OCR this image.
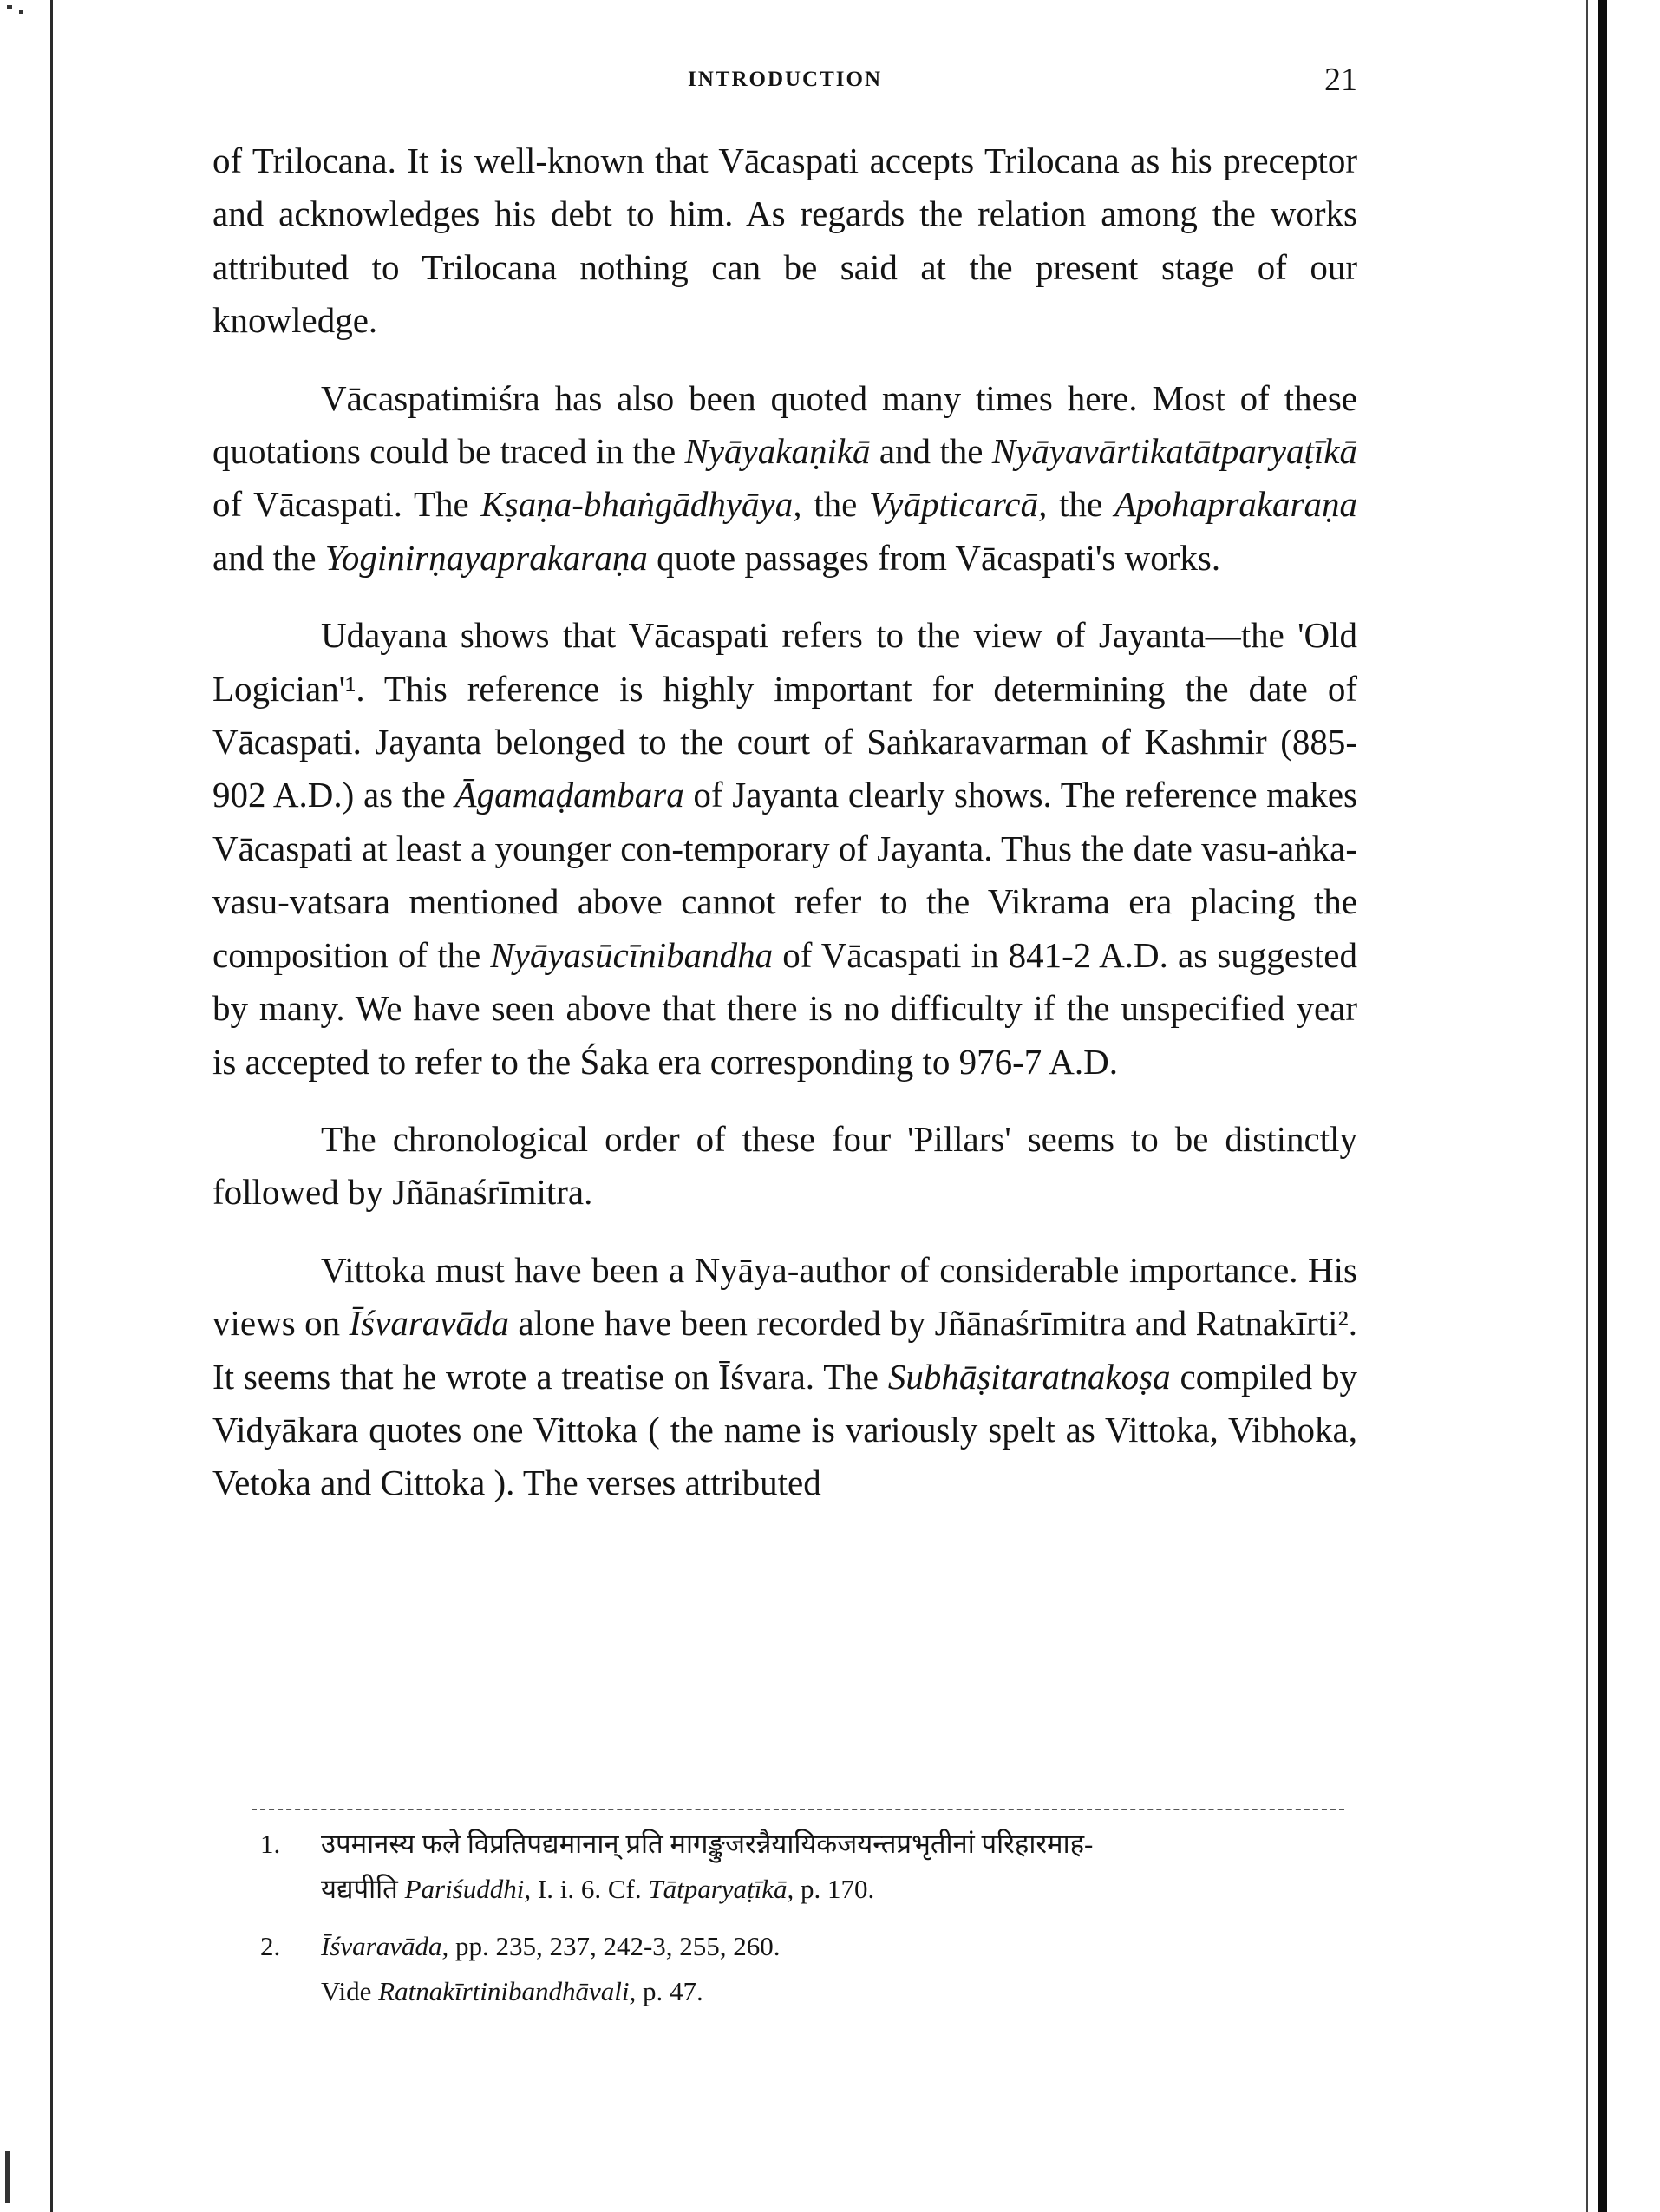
INTRODUCTION	21

of Trilocana. It is well-known that Vācaspati accepts Trilocana as his preceptor and acknowledges his debt to him. As regards the relation among the works attributed to Trilocana nothing can be said at the present stage of our knowledge.

Vācaspatimiśra has also been quoted many times here. Most of these quotations could be traced in the Nyāyakaṇikā and the Nyāyavārtikatātparyaṭīkā of Vācaspati. The Kṣaṇa-bhaṅgādhyāya, the Vyāpticarcā, the Apohaprakaraṇa and the Yoginirṇayaprakaraṇa quote passages from Vācaspati's works.

Udayana shows that Vācaspati refers to the view of Jayanta—the 'Old Logician'¹. This reference is highly important for determining the date of Vācaspati. Jayanta belonged to the court of Saṅkaravarman of Kashmir (885-902 A.D.) as the Āgamaḍambara of Jayanta clearly shows. The reference makes Vācaspati at least a younger con-temporary of Jayanta. Thus the date vasu-aṅka-vasu-vatsara mentioned above cannot refer to the Vikrama era placing the composition of the Nyāyasūcīnibandha of Vācaspati in 841-2 A.D. as suggested by many. We have seen above that there is no difficulty if the unspecified year is accepted to refer to the Śaka era corresponding to 976-7 A.D.

The chronological order of these four 'Pillars' seems to be distinctly followed by Jñānaśrīmitra.

Vittoka must have been a Nyāya-author of considerable importance. His views on Īśvaravāda alone have been recorded by Jñānaśrīmitra and Ratnakīrti². It seems that he wrote a treatise on Īśvara. The Subhāṣitaratnakoṣa compiled by Vidyākara quotes one Vittoka ( the name is variously spelt as Vittoka, Vibhoka, Vetoka and Cittoka ). The verses attributed

1. उपमानस्य फले विप्रतिपद्यमानान् प्रति मागङ्कुजरन्नैयायिकजयन्तप्रभृतीनां परिहारमाह-
यद्यपीति Pariśuddhi, I. i. 6. Cf. Tātparyaṭīkā, p. 170.
2. Īśvaravāda, pp. 235, 237, 242-3, 255, 260.
Vide Ratnakīrtinibandhāvali, p. 47.
